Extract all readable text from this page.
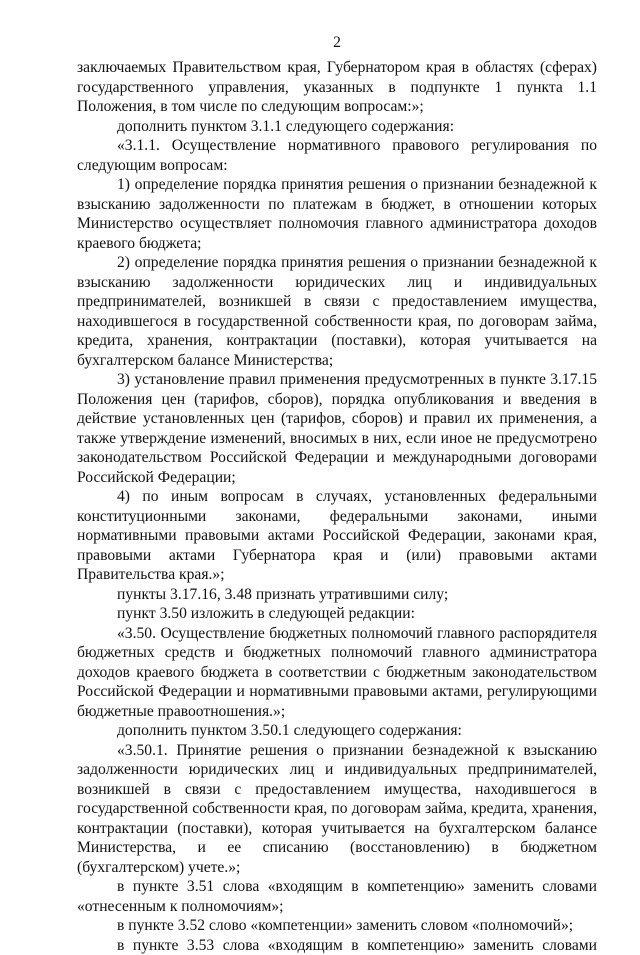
2

заключаемых Правительством края, Губернатором края в областях (сферах) государственного управления, указанных в подпункте 1 пункта 1.1 Положения, в том числе по следующим вопросам:»;

дополнить пунктом 3.1.1 следующего содержания:

«3.1.1. Осуществление нормативного правового регулирования по следующим вопросам:

1) определение порядка принятия решения о признании безнадежной к взысканию задолженности по платежам в бюджет, в отношении которых Министерство осуществляет полномочия главного администратора доходов краевого бюджета;

2) определение порядка принятия решения о признании безнадежной к взысканию задолженности юридических лиц и индивидуальных предпринимателей, возникшей в связи с предоставлением имущества, находившегося в государственной собственности края, по договорам займа, кредита, хранения, контрактации (поставки), которая учитывается на бухгалтерском балансе Министерства;

3) установление правил применения предусмотренных в пункте 3.17.15 Положения цен (тарифов, сборов), порядка опубликования и введения в действие установленных цен (тарифов, сборов) и правил их применения, а также утверждение изменений, вносимых в них, если иное не предусмотрено законодательством Российской Федерации и международными договорами Российской Федерации;

4) по иным вопросам в случаях, установленных федеральными конституционными законами, федеральными законами, иными нормативными правовыми актами Российской Федерации, законами края, правовыми актами Губернатора края и (или) правовыми актами Правительства края.»;

пункты 3.17.16, 3.48 признать утратившими силу;

пункт 3.50 изложить в следующей редакции:

«3.50. Осуществление бюджетных полномочий главного распорядителя бюджетных средств и бюджетных полномочий главного администратора доходов краевого бюджета в соответствии с бюджетным законодательством Российской Федерации и нормативными правовыми актами, регулирующими бюджетные правоотношения.»;

дополнить пунктом 3.50.1 следующего содержания:

«3.50.1. Принятие решения о признании безнадежной к взысканию задолженности юридических лиц и индивидуальных предпринимателей, возникшей в связи с предоставлением имущества, находившегося в государственной собственности края, по договорам займа, кредита, хранения, контрактации (поставки), которая учитывается на бухгалтерском балансе Министерства, и ее списанию (восстановлению) в бюджетном (бухгалтерском) учете.»;

в пункте 3.51 слова «входящим в компетенцию» заменить словами «отнесенным к полномочиям»;

в пункте 3.52 слово «компетенции» заменить словом «полномочий»;

в пункте 3.53 слова «входящим в компетенцию» заменить словами
